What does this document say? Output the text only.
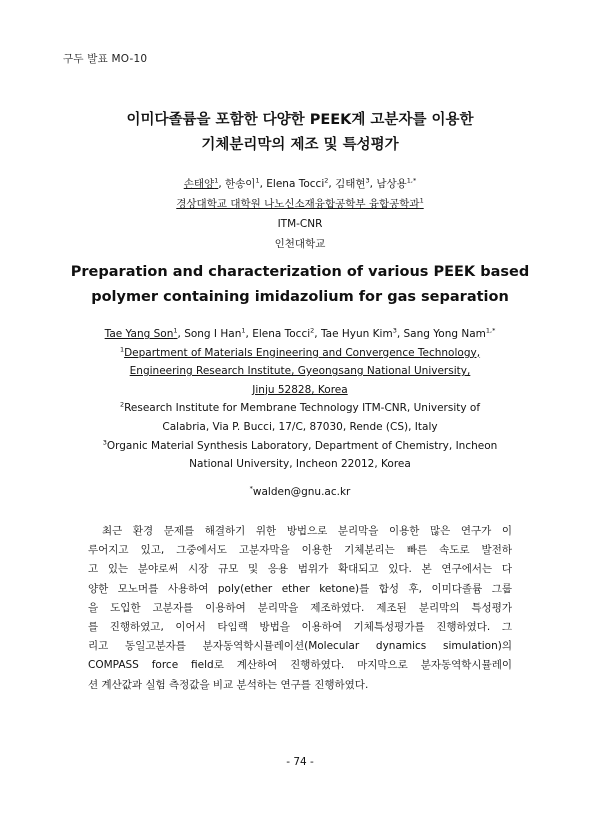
구두 발표 MO-10
이미다졸륨을 포함한 다양한 PEEK계 고분자를 이용한
기체분리막의 제조 및 특성평가
손태양$^1$, 한송이$^1$, Elena Tocci$^2$, 김태현$^3$, 남상용$^{1,*}$
경상대학교 대학원 나노신소재융합공학부 융합공학과$^1$
ITM-CNR
인천대학교
Preparation and characterization of various PEEK based
polymer containing imidazolium for gas separation
Tae Yang Son$^1$, Song I Han$^1$, Elena Tocci$^2$, Tae Hyun Kim$^3$, Sang Yong Nam$^{1,*}$
$^1$Department of Materials Engineering and Convergence Technology,
Engineering Research Institute, Gyeongsang National University,
Jinju 52828, Korea
$^2$Research Institute for Membrane Technology ITM-CNR, University of
Calabria, Via P. Bucci, 17/C, 87030, Rende (CS), Italy
$^3$Organic Material Synthesis Laboratory, Department of Chemistry, Incheon
National University, Incheon 22012, Korea
*walden@gnu.ac.kr
최근 환경 문제를 해결하기 위한 방법으로 분리막을 이용한 많은 연구가 이
루어지고 있고, 그중에서도 고분자막을 이용한 기체분리는 빠른 속도로 발전하
고 있는 분야로써 시장 규모 및 응용 범위가 확대되고 있다. 본 연구에서는 다
양한 모노머를 사용하여 poly(ether ether ketone)를 합성 후, 이미다졸륨 그룹
을 도입한 고분자를 이용하여 분리막을 제조하였다. 제조된 분리막의 특성평가
를 진행하였고, 이어서 타임랙 방법을 이용하여 기체특성평가를 진행하였다. 그
리고 동일고분자를 분자동역학시뮬레이션(Molecular dynamics simulation)의
COMPASS force field로 계산하여 진행하였다. 마지막으로 분자동역학시뮬레이
션 계산값과 실험 측정값을 비교 분석하는 연구를 진행하였다.
- 74 -
